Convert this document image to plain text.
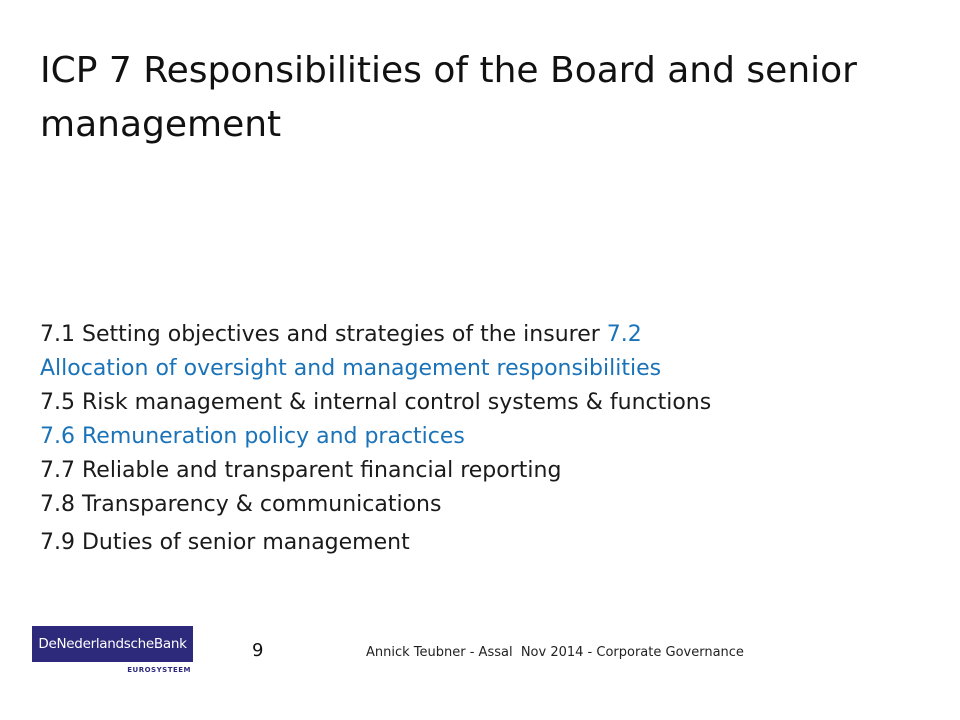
ICP 7 Responsibilities of the Board and senior management
7.1 Setting objectives and strategies of the insurer 7.2
Allocation of oversight and management responsibilities
7.5 Risk management & internal control systems & functions
7.6 Remuneration policy and practices
7.7 Reliable and transparent financial reporting
7.8 Transparency & communications
7.9 Duties of senior management
DeNederlandscheBank
EUROSYSTEEM
9	Annick Teubner - Assal  Nov 2014 - Corporate Governance
